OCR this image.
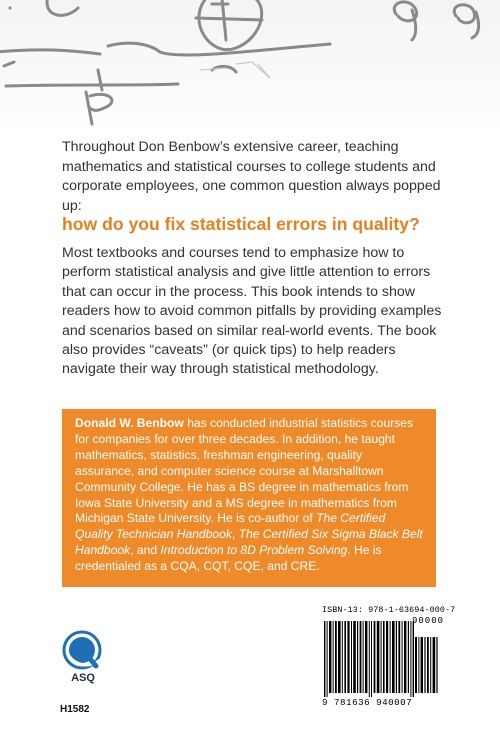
Throughout Don Benbow’s extensive career, teaching mathematics and statistical courses to college students and corporate employees, one common question always popped up:

how do you fix statistical errors in quality?

Most textbooks and courses tend to emphasize how to perform statistical analysis and give little attention to errors that can occur in the process. This book intends to show readers how to avoid common pitfalls by providing examples and scenarios based on similar real-world events. The book also provides “caveats” (or quick tips) to help readers navigate their way through statistical methodology.

Donald W. Benbow has conducted industrial statistics courses for companies for over three decades. In addition, he taught mathematics, statistics, freshman engineering, quality assurance, and computer science course at Marshalltown Community College. He has a BS degree in mathematics from Iowa State University and a MS degree in mathematics from Michigan State University. He is co-author of The Certified Quality Technician Handbook, The Certified Six Sigma Black Belt Handbook, and Introduction to 8D Problem Solving. He is credentialed as a CQA, CQT, CQE, and CRE.

ASQ
H1582
ISBN-13: 978-1-63694-000-7
90000
9 781636 940007
